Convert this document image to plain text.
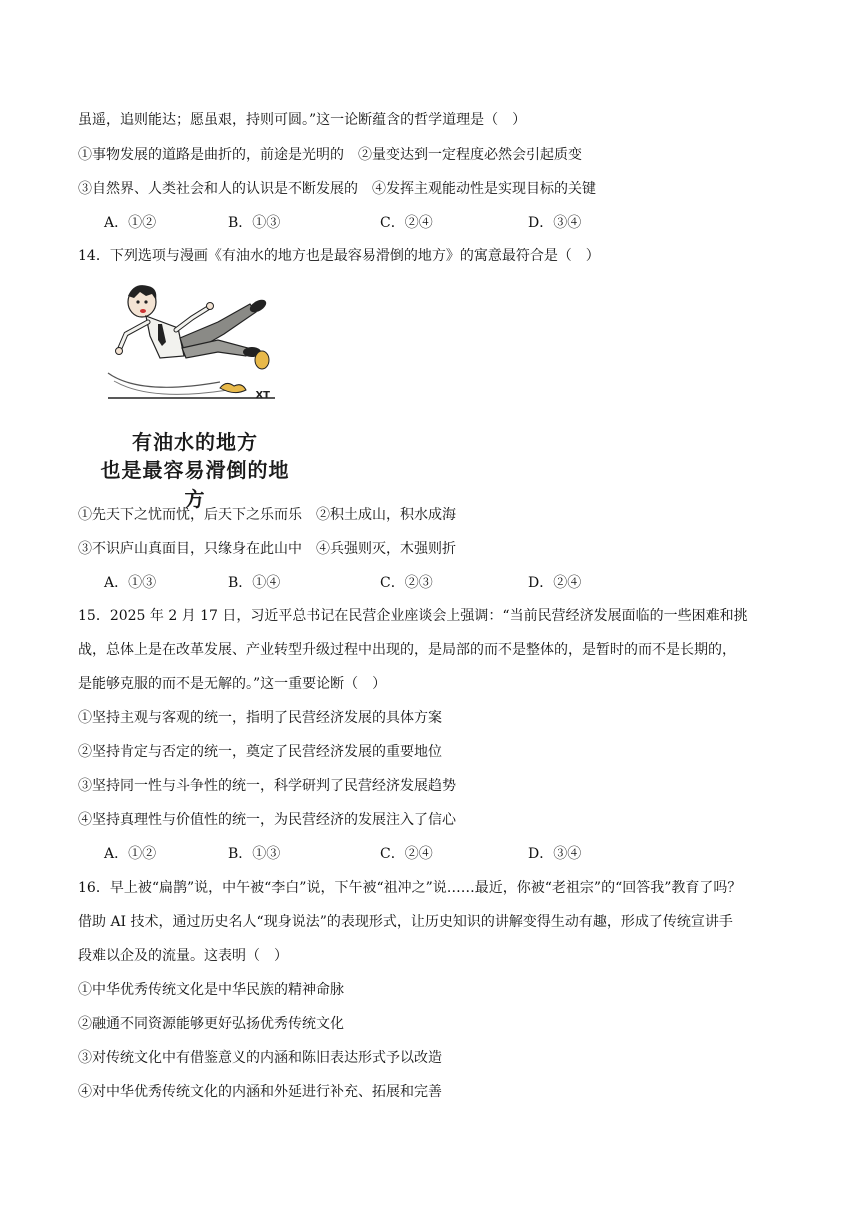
虽遥，追则能达；愿虽艰，持则可圆。”这一论断蕴含的哲学道理是（　）
①事物发展的道路是曲折的，前途是光明的　②量变达到一定程度必然会引起质变
③自然界、人类社会和人的认识是不断发展的　④发挥主观能动性是实现目标的关键
A．①②	B．①③	C．②④	D．③④
14．下列选项与漫画《有油水的地方也是最容易滑倒的地方》的寓意最符合是（　）
XT
有油水的地方
也是最容易滑倒的地方
①先天下之忧而忧，后天下之乐而乐　②积土成山，积水成海
③不识庐山真面目，只缘身在此山中　④兵强则灭，木强则折
A．①③	B．①④	C．②③	D．②④
15．2025 年 2 月 17 日，习近平总书记在民营企业座谈会上强调：“当前民营经济发展面临的一些困难和挑
战，总体上是在改革发展、产业转型升级过程中出现的，是局部的而不是整体的，是暂时的而不是长期的，
是能够克服的而不是无解的。”这一重要论断（　）
①坚持主观与客观的统一，指明了民营经济发展的具体方案
②坚持肯定与否定的统一，奠定了民营经济发展的重要地位
③坚持同一性与斗争性的统一，科学研判了民营经济发展趋势
④坚持真理性与价值性的统一，为民营经济的发展注入了信心
A．①②	B．①③	C．②④	D．③④
16．早上被“扁鹊”说，中午被“李白”说，下午被“祖冲之”说……最近，你被“老祖宗”的“回答我”教育了吗？
借助 AI 技术，通过历史名人“现身说法”的表现形式，让历史知识的讲解变得生动有趣，形成了传统宣讲手
段难以企及的流量。这表明（　）
①中华优秀传统文化是中华民族的精神命脉
②融通不同资源能够更好弘扬优秀传统文化
③对传统文化中有借鉴意义的内涵和陈旧表达形式予以改造
④对中华优秀传统文化的内涵和外延进行补充、拓展和完善
